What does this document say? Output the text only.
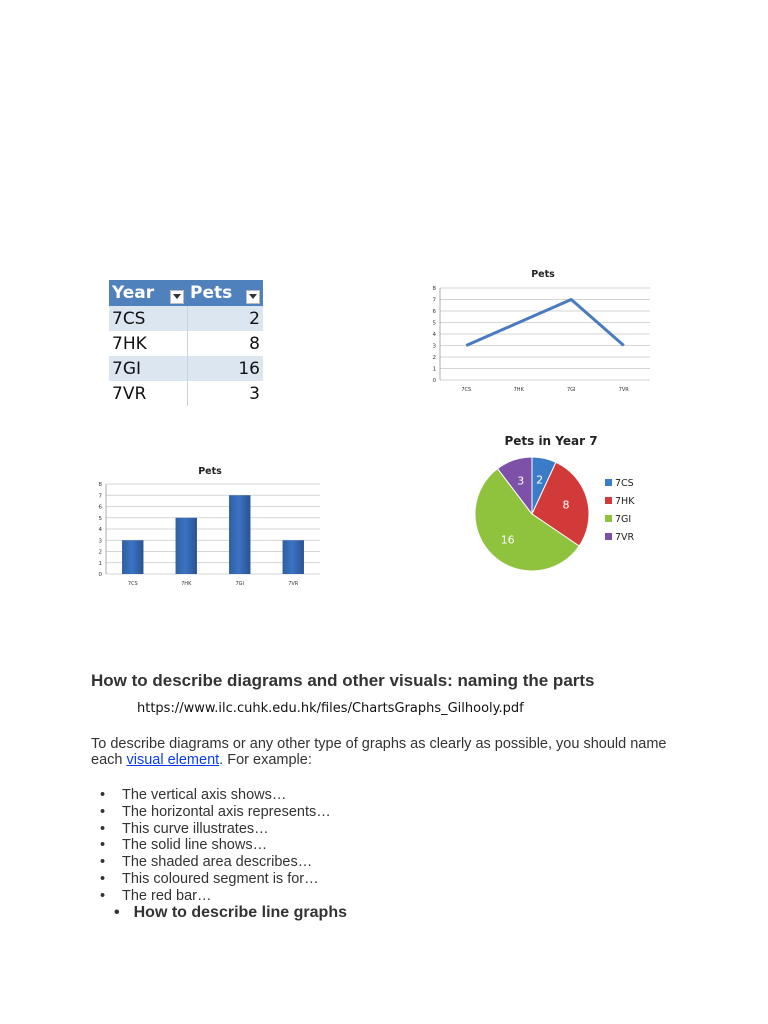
Year	Pets

7CS	2
7HK	8
7GI	16
7VR	3
Pets
0
1
2
3
4
5
6
7
8
7CS	7HK	7GI	7VR
Pets
0
1
2
3
4
5
6
7
8
7CS	7HK	7GI	7VR
Pets in Year 7
2
8
16
3	7CS
7HK
7GI
7VR
How to describe diagrams and other visuals: naming the parts
https://www.ilc.cuhk.edu.hk/files/ChartsGraphs_Gilhooly.pdf

To describe diagrams or any other type of graphs as clearly as possible, you should name each visual element. For example:

• The vertical axis shows…
• The horizontal axis represents…
• This curve illustrates…
• The solid line shows…
• The shaded area describes…
• This coloured segment is for…
• The red bar…
• How to describe line graphs
